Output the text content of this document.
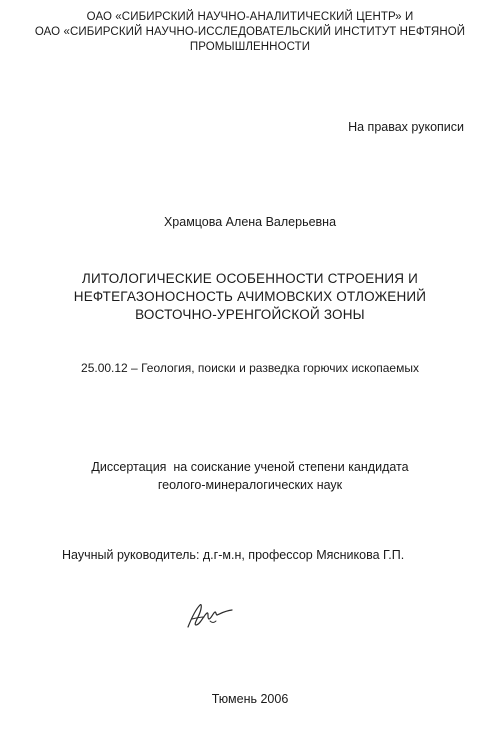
ОАО «СИБИРСКИЙ НАУЧНО-АНАЛИТИЧЕСКИЙ ЦЕНТР» И
ОАО «СИБИРСКИЙ НАУЧНО-ИССЛЕДОВАТЕЛЬСКИЙ ИНСТИТУТ НЕФТЯНОЙ
ПРОМЫШЛЕННОСТИ
На правах рукописи
Храмцова Алена Валерьевна
ЛИТОЛОГИЧЕСКИЕ ОСОБЕННОСТИ СТРОЕНИЯ И
НЕФТЕГАЗОНОСНОСТЬ АЧИМОВСКИХ ОТЛОЖЕНИЙ
ВОСТОЧНО-УРЕНГОЙСКОЙ ЗОНЫ
25.00.12 – Геология, поиски и разведка горючих ископаемых
Диссертация  на соискание ученой степени кандидата
геолого-минералогических наук
Научный руководитель: д.г-м.н, профессор Мясникова Г.П.
Тюмень 2006
